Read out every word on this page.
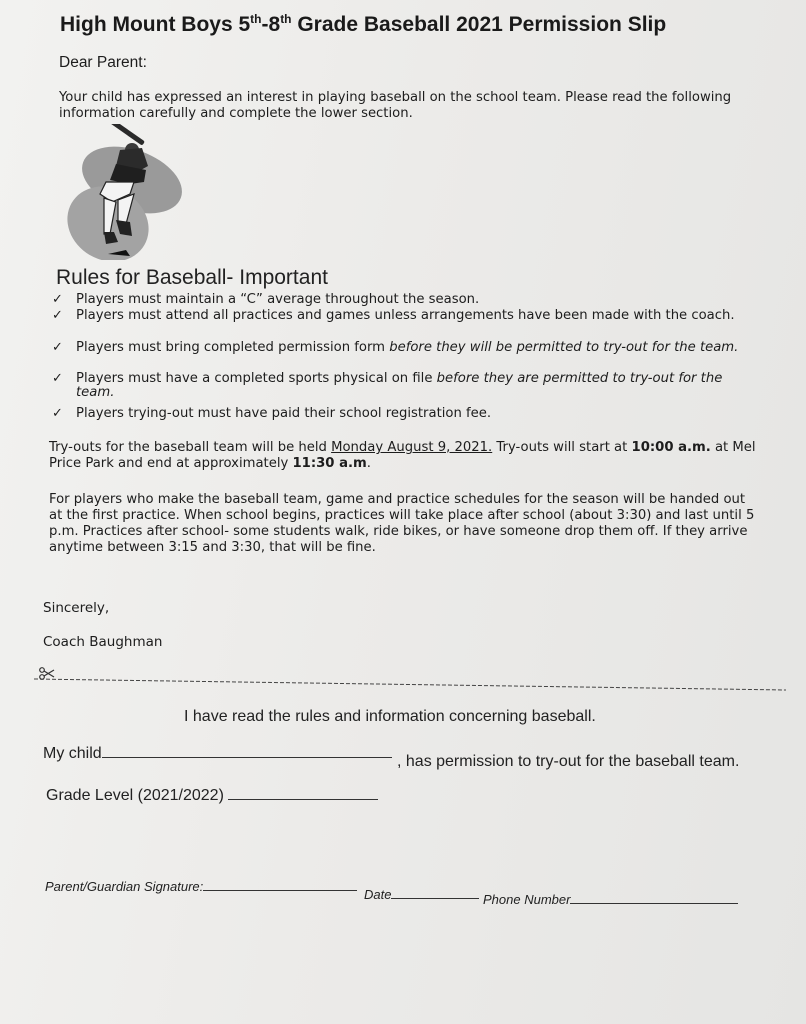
High Mount Boys 5th-8th Grade Baseball 2021 Permission Slip
Dear Parent:
Your child has expressed an interest in playing baseball on the school team. Please read the following information carefully and complete the lower section.
Rules for Baseball- Important
✓ Players must maintain a “C” average throughout the season.
✓ Players must attend all practices and games unless arrangements have been made with the coach.
✓ Players must bring completed permission form before they will be permitted to try-out for the team.
✓ Players must have a completed sports physical on file before they are permitted to try-out for the team.
✓ Players trying-out must have paid their school registration fee.
Try-outs for the baseball team will be held Monday August 9, 2021. Try-outs will start at 10:00 a.m. at Mel Price Park and end at approximately 11:30 a.m.
For players who make the baseball team, game and practice schedules for the season will be handed out at the first practice. When school begins, practices will take place after school (about 3:30) and last until 5 p.m. Practices after school- some students walk, ride bikes, or have someone drop them off. If they arrive anytime between 3:15 and 3:30, that will be fine.
Sincerely,
Coach Baughman
I have read the rules and information concerning baseball.
My child	, has permission to try-out for the baseball team.
Grade Level (2021/2022)
Parent/Guardian Signature:
Date	Phone Number
